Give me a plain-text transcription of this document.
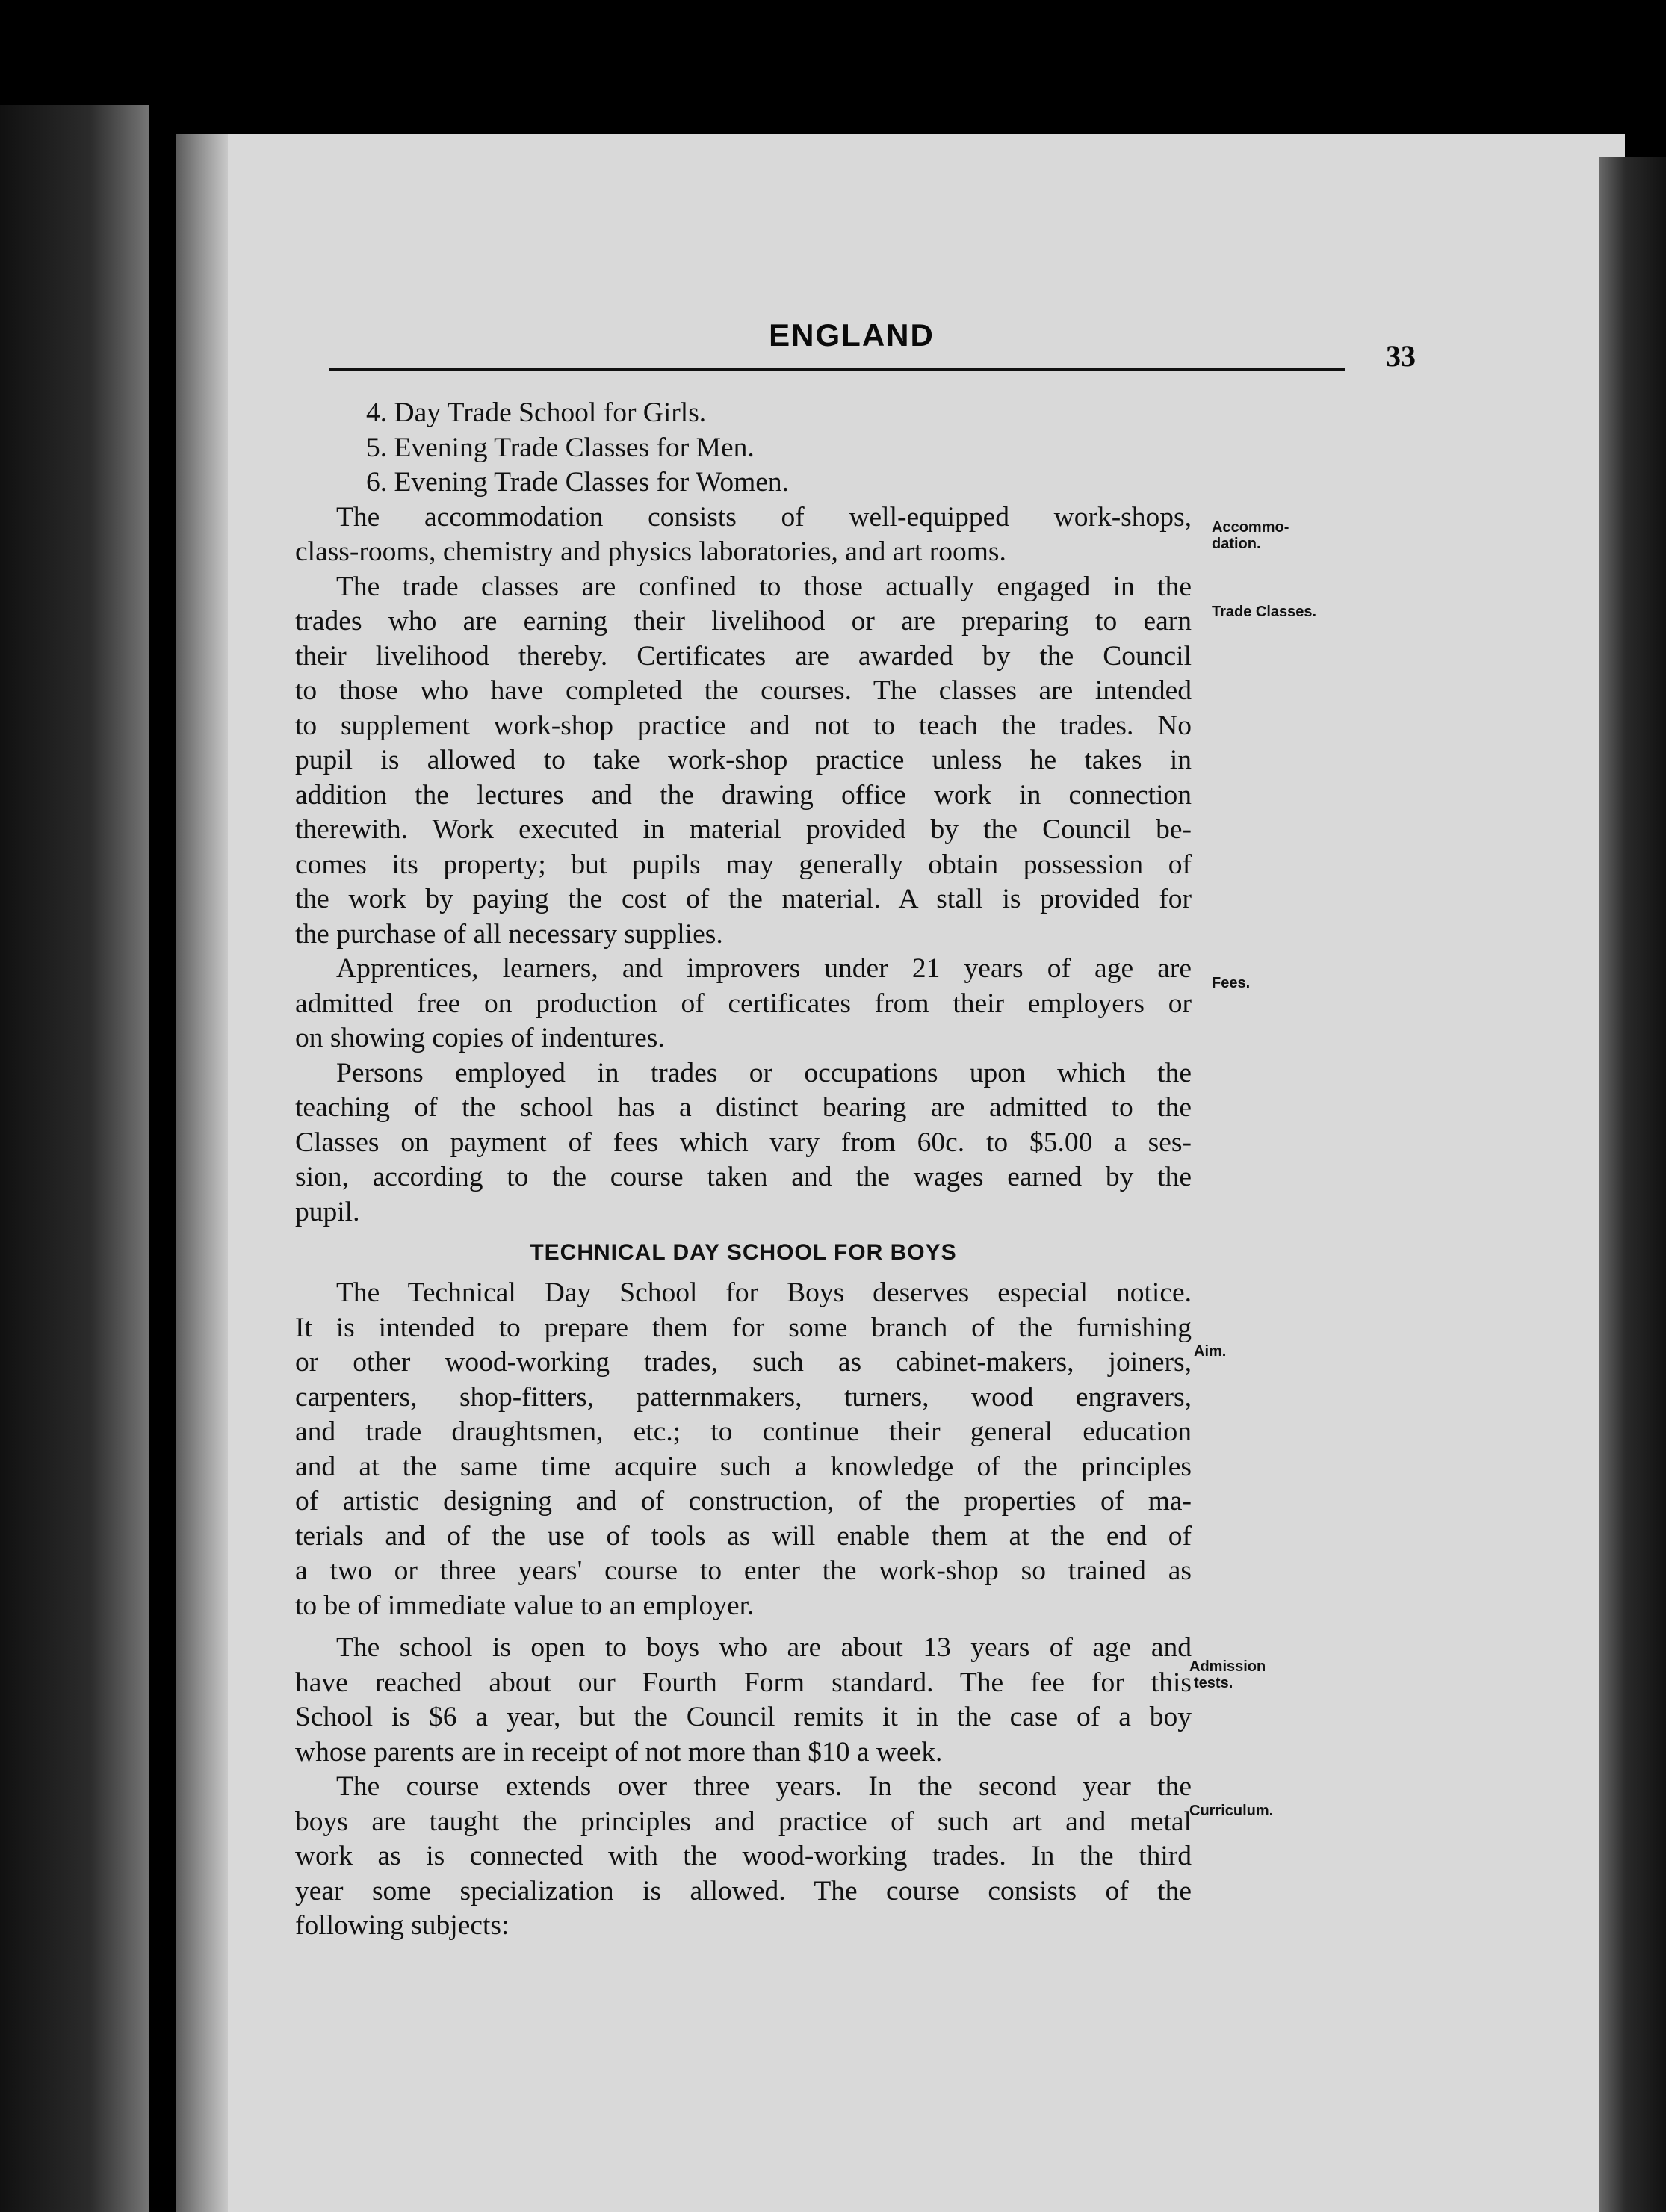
ENGLAND
33
Accommo-
dation.
Trade Classes.
Fees.
Aim.
Admission
tests.
Curriculum.
4. Day Trade School for Girls.
5. Evening Trade Classes for Men.
6. Evening Trade Classes for Women.
The accommodation consists of well-equipped work-shops,
class-rooms, chemistry and physics laboratories, and art rooms.
The trade classes are confined to those actually engaged in the
trades who are earning their livelihood or are preparing to earn
their livelihood thereby. Certificates are awarded by the Council
to those who have completed the courses. The classes are intended
to supplement work-shop practice and not to teach the trades. No
pupil is allowed to take work-shop practice unless he takes in
addition the lectures and the drawing office work in connection
therewith. Work executed in material provided by the Council be-
comes its property; but pupils may generally obtain possession of
the work by paying the cost of the material. A stall is provided for
the purchase of all necessary supplies.
Apprentices, learners, and improvers under 21 years of age are
admitted free on production of certificates from their employers or
on showing copies of indentures.
Persons employed in trades or occupations upon which the
teaching of the school has a distinct bearing are admitted to the
Classes on payment of fees which vary from 60c. to $5.00 a ses-
sion, according to the course taken and the wages earned by the
pupil.
TECHNICAL DAY SCHOOL FOR BOYS
The Technical Day School for Boys deserves especial notice.
It is intended to prepare them for some branch of the furnishing
or other wood-working trades, such as cabinet-makers, joiners,
carpenters, shop-fitters, patternmakers, turners, wood engravers,
and trade draughtsmen, etc.; to continue their general education
and at the same time acquire such a knowledge of the principles
of artistic designing and of construction, of the properties of ma-
terials and of the use of tools as will enable them at the end of
a two or three years' course to enter the work-shop so trained as
to be of immediate value to an employer.
The school is open to boys who are about 13 years of age and
have reached about our Fourth Form standard. The fee for this
School is $6 a year, but the Council remits it in the case of a boy
whose parents are in receipt of not more than $10 a week.
The course extends over three years. In the second year the
boys are taught the principles and practice of such art and metal
work as is connected with the wood-working trades. In the third
year some specialization is allowed. The course consists of the
following subjects:
